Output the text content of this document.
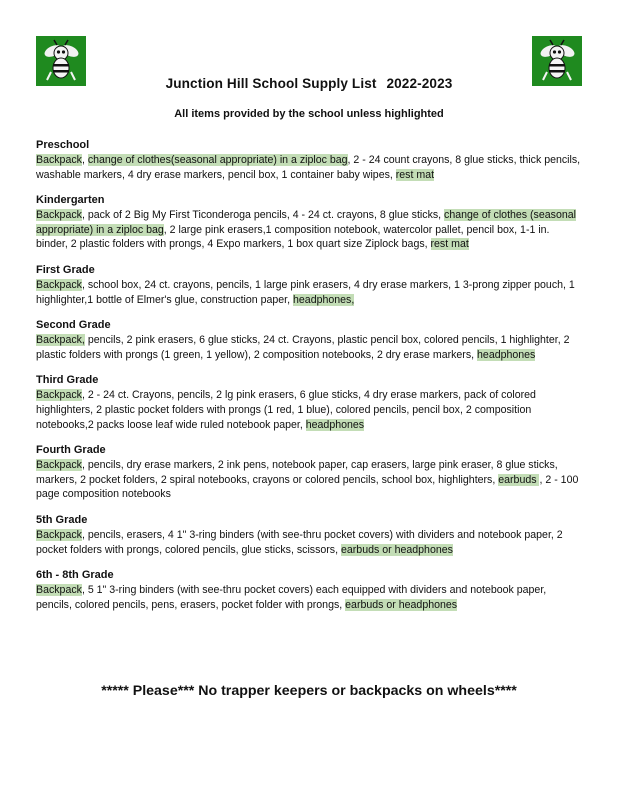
Junction Hill School Supply List 2022-2023
All items provided by the school unless highlighted

Preschool

Backpack, change of clothes(seasonal appropriate) in a ziploc bag, 2 - 24 count crayons, 8 glue sticks, thick pencils, washable markers, 4 dry erase markers, pencil box, 1 container baby wipes, rest mat

Kindergarten

Backpack, pack of 2 Big My First Ticonderoga pencils, 4 - 24 ct. crayons, 8 glue sticks, change of clothes (seasonal appropriate) in a ziploc bag, 2 large pink erasers,1 composition notebook, watercolor pallet, pencil box, 1-1 in. binder, 2 plastic folders with prongs, 4 Expo markers, 1 box quart size Ziplock bags, rest mat

First Grade

Backpack, school box, 24 ct. crayons, pencils, 1 large pink erasers, 4 dry erase markers, 1 3-prong zipper pouch, 1 highlighter,1 bottle of Elmer's glue, construction paper, headphones,

Second Grade

Backpack, pencils, 2 pink erasers, 6 glue sticks, 24 ct. Crayons, plastic pencil box, colored pencils, 1 highlighter, 2 plastic folders with prongs (1 green, 1 yellow), 2 composition notebooks, 2 dry erase markers, headphones

Third Grade

Backpack, 2 - 24 ct. Crayons, pencils, 2 lg pink erasers, 6 glue sticks, 4 dry erase markers, pack of colored highlighters, 2 plastic pocket folders with prongs (1 red, 1 blue), colored pencils, pencil box, 2 composition notebooks,2 packs loose leaf wide ruled notebook paper, headphones

Fourth Grade

Backpack, pencils, dry erase markers, 2 ink pens, notebook paper, cap erasers, large pink eraser, 8 glue sticks, markers, 2 pocket folders, 2 spiral notebooks, crayons or colored pencils, school box, highlighters, earbuds , 2 - 100 page composition notebooks

5th Grade

Backpack, pencils, erasers, 4 1" 3-ring binders (with see-thru pocket covers) with dividers and notebook paper, 2 pocket folders with prongs, colored pencils, glue sticks, scissors, earbuds or headphones

6th - 8th Grade

Backpack, 5 1" 3-ring binders (with see-thru pocket covers) each equipped with dividers and notebook paper, pencils, colored pencils, pens, erasers, pocket folder with prongs, earbuds or headphones

***** Please*** No trapper keepers or backpacks on wheels****
